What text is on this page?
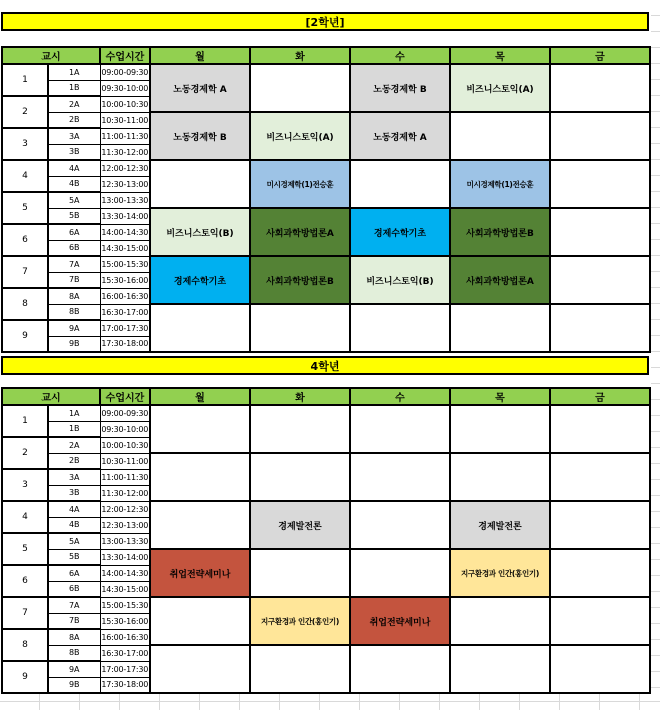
[2학년]
교시		수업시간	월	화	수	목	금
1	1A	09:00-09:30	노동경제학 A		노동경제학 B	비즈니스토익(A)	
	1B	09:30-10:00					
2	2A	10:00-10:30					
	2B	10:30-11:00	노동경제학 B	비즈니스토익(A)	노동경제학 A		
3	3A	11:00-11:30					
	3B	11:30-12:00					
4	4A	12:00-12:30		미시경제학(1)전승훈		미시경제학(1)전승훈	
	4B	12:30-13:00					
5	5A	13:00-13:30					
	5B	13:30-14:00	비즈니스토익(B)	사회과학방법론A	경제수학기초	사회과학방법론B	
6	6A	14:00-14:30					
	6B	14:30-15:00					
7	7A	15:00-15:30	경제수학기초	사회과학방법론B	비즈니스토익(B)	사회과학방법론A	
	7B	15:30-16:00					
8	8A	16:00-16:30					
	8B	16:30-17:00					
9	9A	17:00-17:30					
	9B	17:30-18:00					
4학년
교시		수업시간	월	화	수	목	금
1	1A	09:00-09:30					
	1B	09:30-10:00					
2	2A	10:00-10:30					
	2B	10:30-11:00					
3	3A	11:00-11:30					
	3B	11:30-12:00					
4	4A	12:00-12:30		경제발전론		경제발전론	
	4B	12:30-13:00					
5	5A	13:00-13:30					
	5B	13:30-14:00	취업전략세미나			지구환경과 인간(홍인기)	
6	6A	14:00-14:30					
	6B	14:30-15:00					
7	7A	15:00-15:30		지구환경과 인간(홍인기)	취업전략세미나		
	7B	15:30-16:00					
8	8A	16:00-16:30					
	8B	16:30-17:00					
9	9A	17:00-17:30					
	9B	17:30-18:00					
